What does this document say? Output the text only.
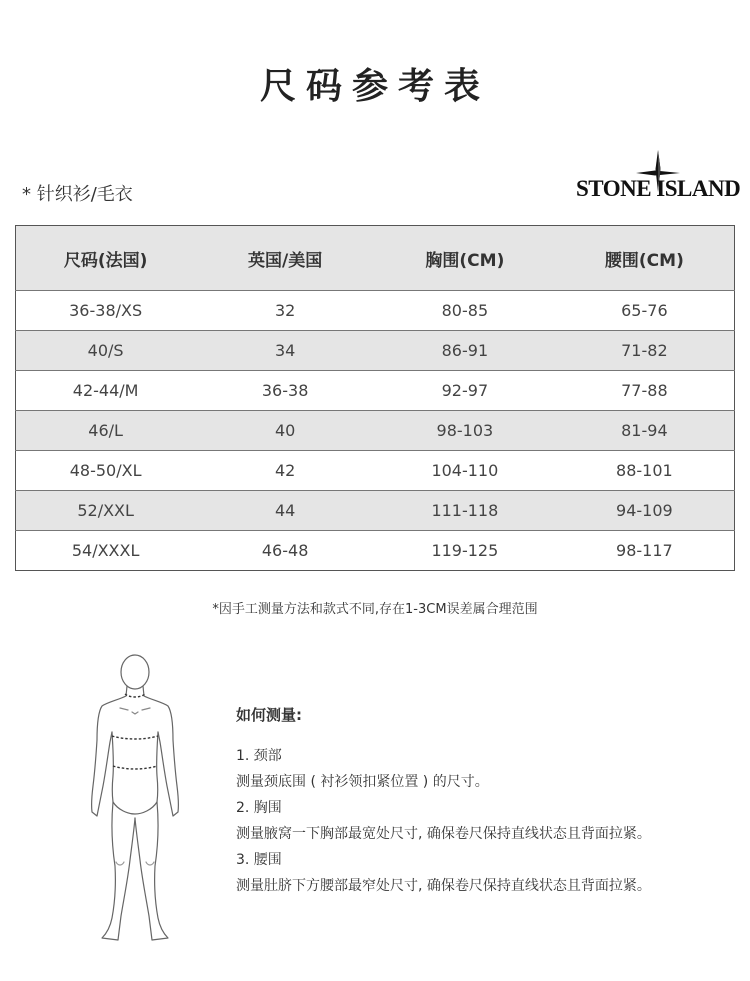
尺码参考表
* 针织衫/毛衣	STONE ISLAND
尺码(法国)	英国/美国	胸围(CM)	腰围(CM)
36-38/XS	32	80-85	65-76
40/S	34	86-91	71-82
42-44/M	36-38	92-97	77-88
46/L	40	98-103	81-94
48-50/XL	42	104-110	88-101
52/XXL	44	111-118	94-109
54/XXXL	46-48	119-125	98-117
*因手工测量方法和款式不同,存在1-3CM误差属合理范围
如何测量:
1. 颈部
测量颈底围 ( 衬衫领扣紧位置 ) 的尺寸。
2. 胸围
测量腋窝一下胸部最宽处尺寸, 确保卷尺保持直线状态且背面拉紧。
3. 腰围
测量肚脐下方腰部最窄处尺寸, 确保卷尺保持直线状态且背面拉紧。
